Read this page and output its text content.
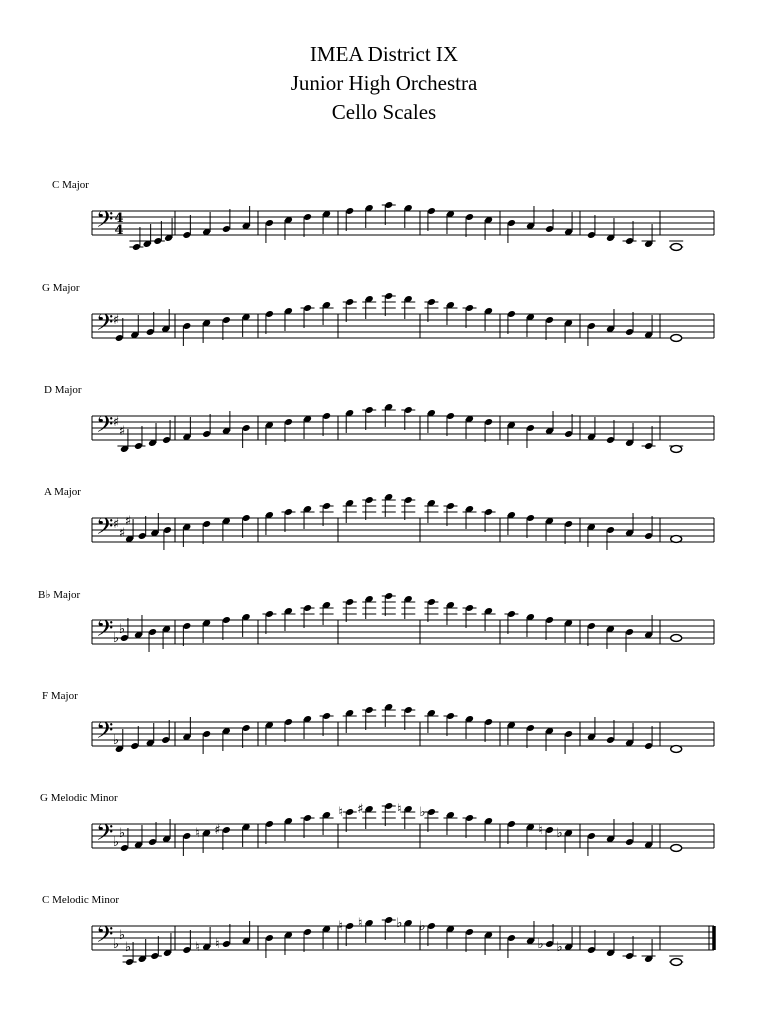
IMEA District IX
Junior High Orchestra
Cello Scales
C Major
𝄢 4
4
G Major
𝄢 ♯
D Major
𝄢 ♯
♯
A Major
𝄢 ♯
♯
♯
B♭ Major
𝄢 ♭
♭
F Major
𝄢 ♭
G Melodic Minor
𝄢 ♭
♭	♮ ♯
♮ ♯	♮ ♭
♮ ♭
C Melodic Minor
𝄢 ♭
♭
♭	♮ ♮
♮ ♮	♭ ♭
♭ ♭
